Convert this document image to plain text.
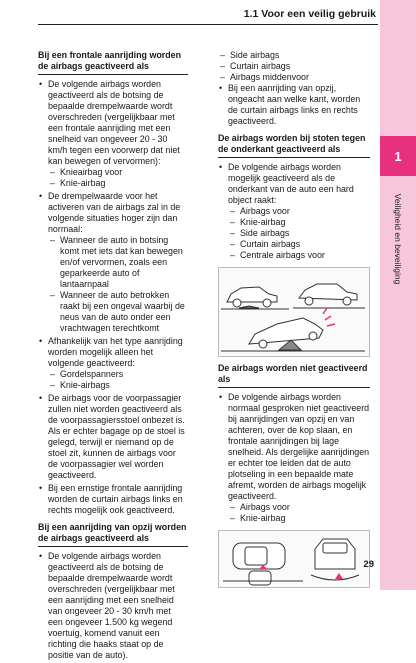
1.1 Voor een veilig gebruik
1
Veiligheid en beveiliging
Bij een frontale aanrijding worden de airbags geactiveerd als
• De volgende airbags worden geactiveerd als de botsing de bepaalde drempelwaarde wordt overschreden (vergelijkbaar met een frontale aanrijding met een snelheid van ongeveer 20 - 30 km/h tegen een voorwerp dat niet kan bewegen of vervormen):
– Knieairbag voor
– Knie-airbag
• De drempelwaarde voor het activeren van de airbags zal in de volgende situaties hoger zijn dan normaal:
– Wanneer de auto in botsing komt met iets dat kan bewegen en/of vervormen, zoals een geparkeerde auto of lantaarnpaal
– Wanneer de auto betrokken raakt bij een ongeval waarbij de neus van de auto onder een vrachtwagen terechtkomt
• Afhankelijk van het type aanrijding worden mogelijk alleen het volgende geactiveerd:
– Gordelspanners
– Knie-airbags
• De airbags voor de voorpassagier zullen niet worden geactiveerd als de voorpassagiersstoel onbezet is. Als er echter bagage op de stoel is gelegd, terwijl er niemand op de stoel zit, kunnen de airbags voor de voorpassagier wel worden geactiveerd.
• Bij een ernstige frontale aanrijding worden de curtain airbags links en rechts mogelijk ook geactiveerd.
Bij een aanrijding van opzij worden de airbags geactiveerd als
• De volgende airbags worden geactiveerd als de botsing de bepaalde drempelwaarde wordt overschreden (vergelijkbaar met een aanrijding met een snelheid van ongeveer 20 - 30 km/h met een ongeveer 1.500 kg wegend voertuig, komend vanuit een richting die haaks staat op de positie van de auto).
– Side airbags
– Curtain airbags
– Airbags middenvoor
• Bij een aanrijding van opzij, ongeacht aan welke kant, worden de curtain airbags links en rechts geactiveerd.
De airbags worden bij stoten tegen de onderkant geactiveerd als
• De volgende airbags worden mogelijk geactiveerd als de onderkant van de auto een hard object raakt:
– Airbags voor
– Knie-airbag
– Side airbags
– Curtain airbags
– Centrale airbags voor
De airbags worden niet geactiveerd als
• De volgende airbags worden normaal gesproken niet geactiveerd bij aanrijdingen van opzij en van achteren, over de kop slaan, en frontale aanrijdingen bij lage snelheid. Als dergelijke aanrijdingen er echter toe leiden dat de auto plotseling in een bepaalde mate afremt, worden de airbags mogelijk geactiveerd.
– Airbags voor
– Knie-airbag
29
